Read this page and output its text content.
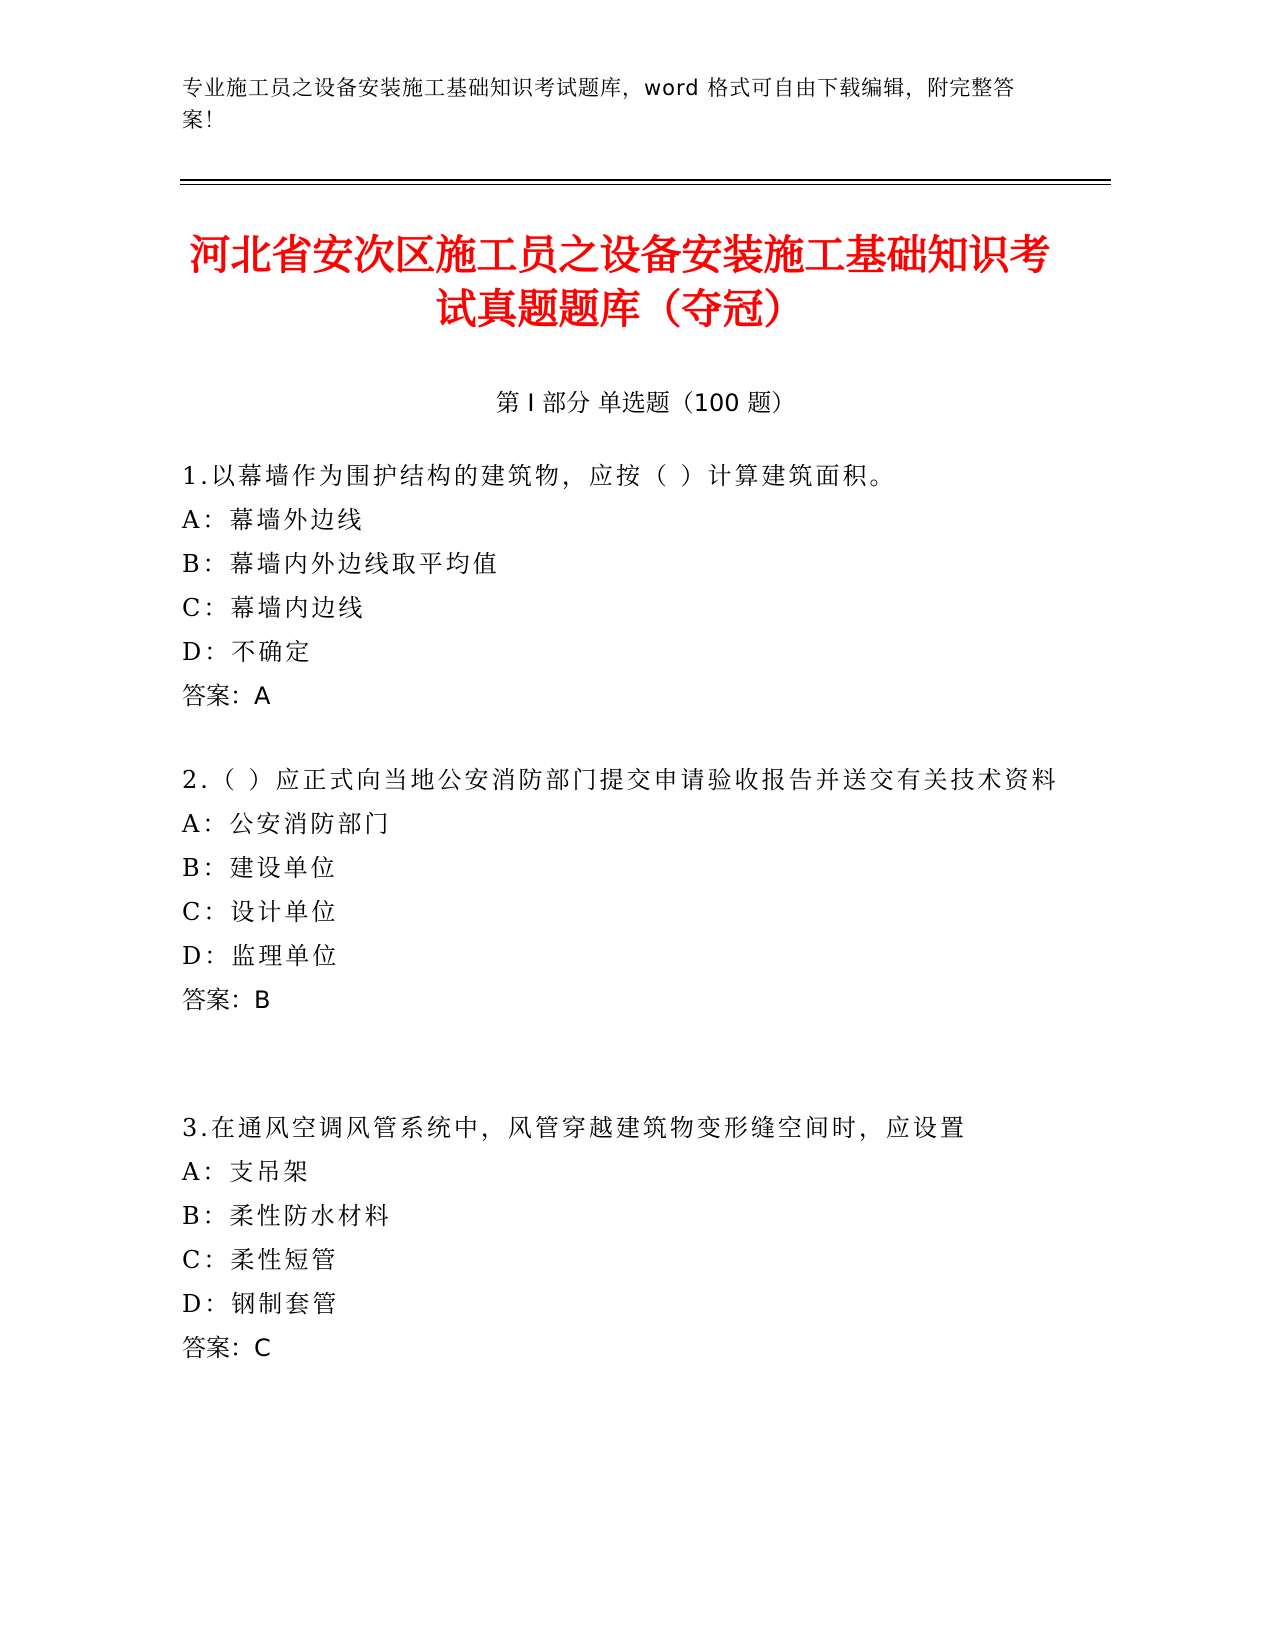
专业施工员之设备安装施工基础知识考试题库，word 格式可自由下载编辑，附完整答案！
河北省安次区施工员之设备安装施工基础知识考试真题题库（夺冠）
第 I 部分 单选题（100 题）
1.以幕墙作为围护结构的建筑物，应按（ ）计算建筑面积。
A：幕墙外边线
B：幕墙内外边线取平均值
C：幕墙内边线
D：不确定
答案：A
2.（ ）应正式向当地公安消防部门提交申请验收报告并送交有关技术资料
A：公安消防部门
B：建设单位
C：设计单位
D：监理单位
答案：B
3.在通风空调风管系统中，风管穿越建筑物变形缝空间时，应设置
A：支吊架
B：柔性防水材料
C：柔性短管
D：钢制套管
答案：C
